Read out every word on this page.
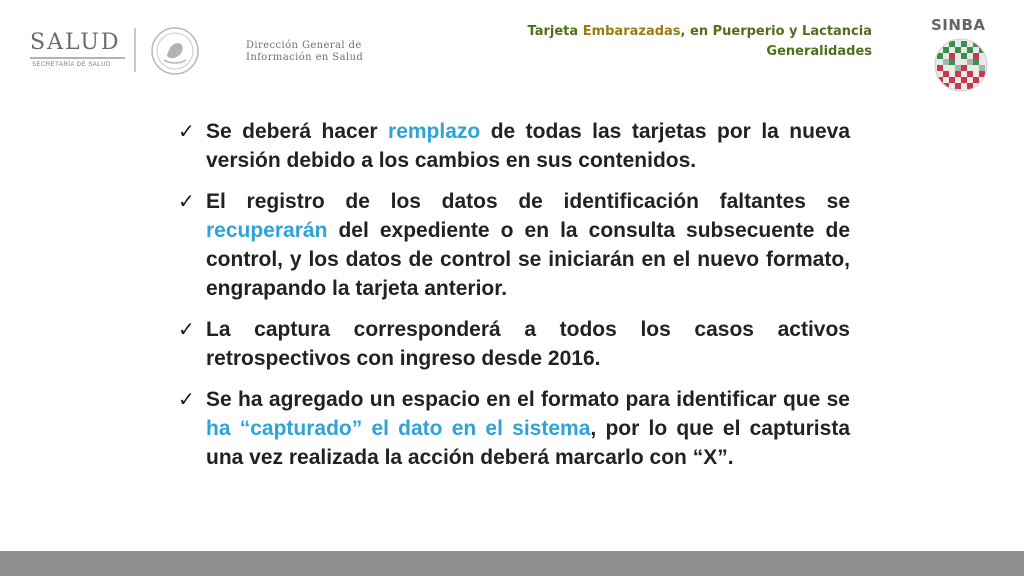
SALUD
SECRETARÍA DE SALUD
Dirección General de
Información en Salud
Tarjeta Embarazadas, en Puerperio y Lactancia
Generalidades
SINBA
✓ Se deberá hacer remplazo de todas las tarjetas por la nueva versión debido a los cambios en sus contenidos.
✓ El registro de los datos de identificación faltantes se recuperarán del expediente o en la consulta subsecuente de control, y los datos de control se iniciarán en el nuevo formato, engrapando la tarjeta anterior.
✓ La captura corresponderá a todos los casos activos retrospectivos con ingreso desde 2016.
✓ Se ha agregado un espacio en el formato para identificar que se ha “capturado” el dato en el sistema, por lo que el capturista una vez realizada la acción deberá marcarlo con “X”.
